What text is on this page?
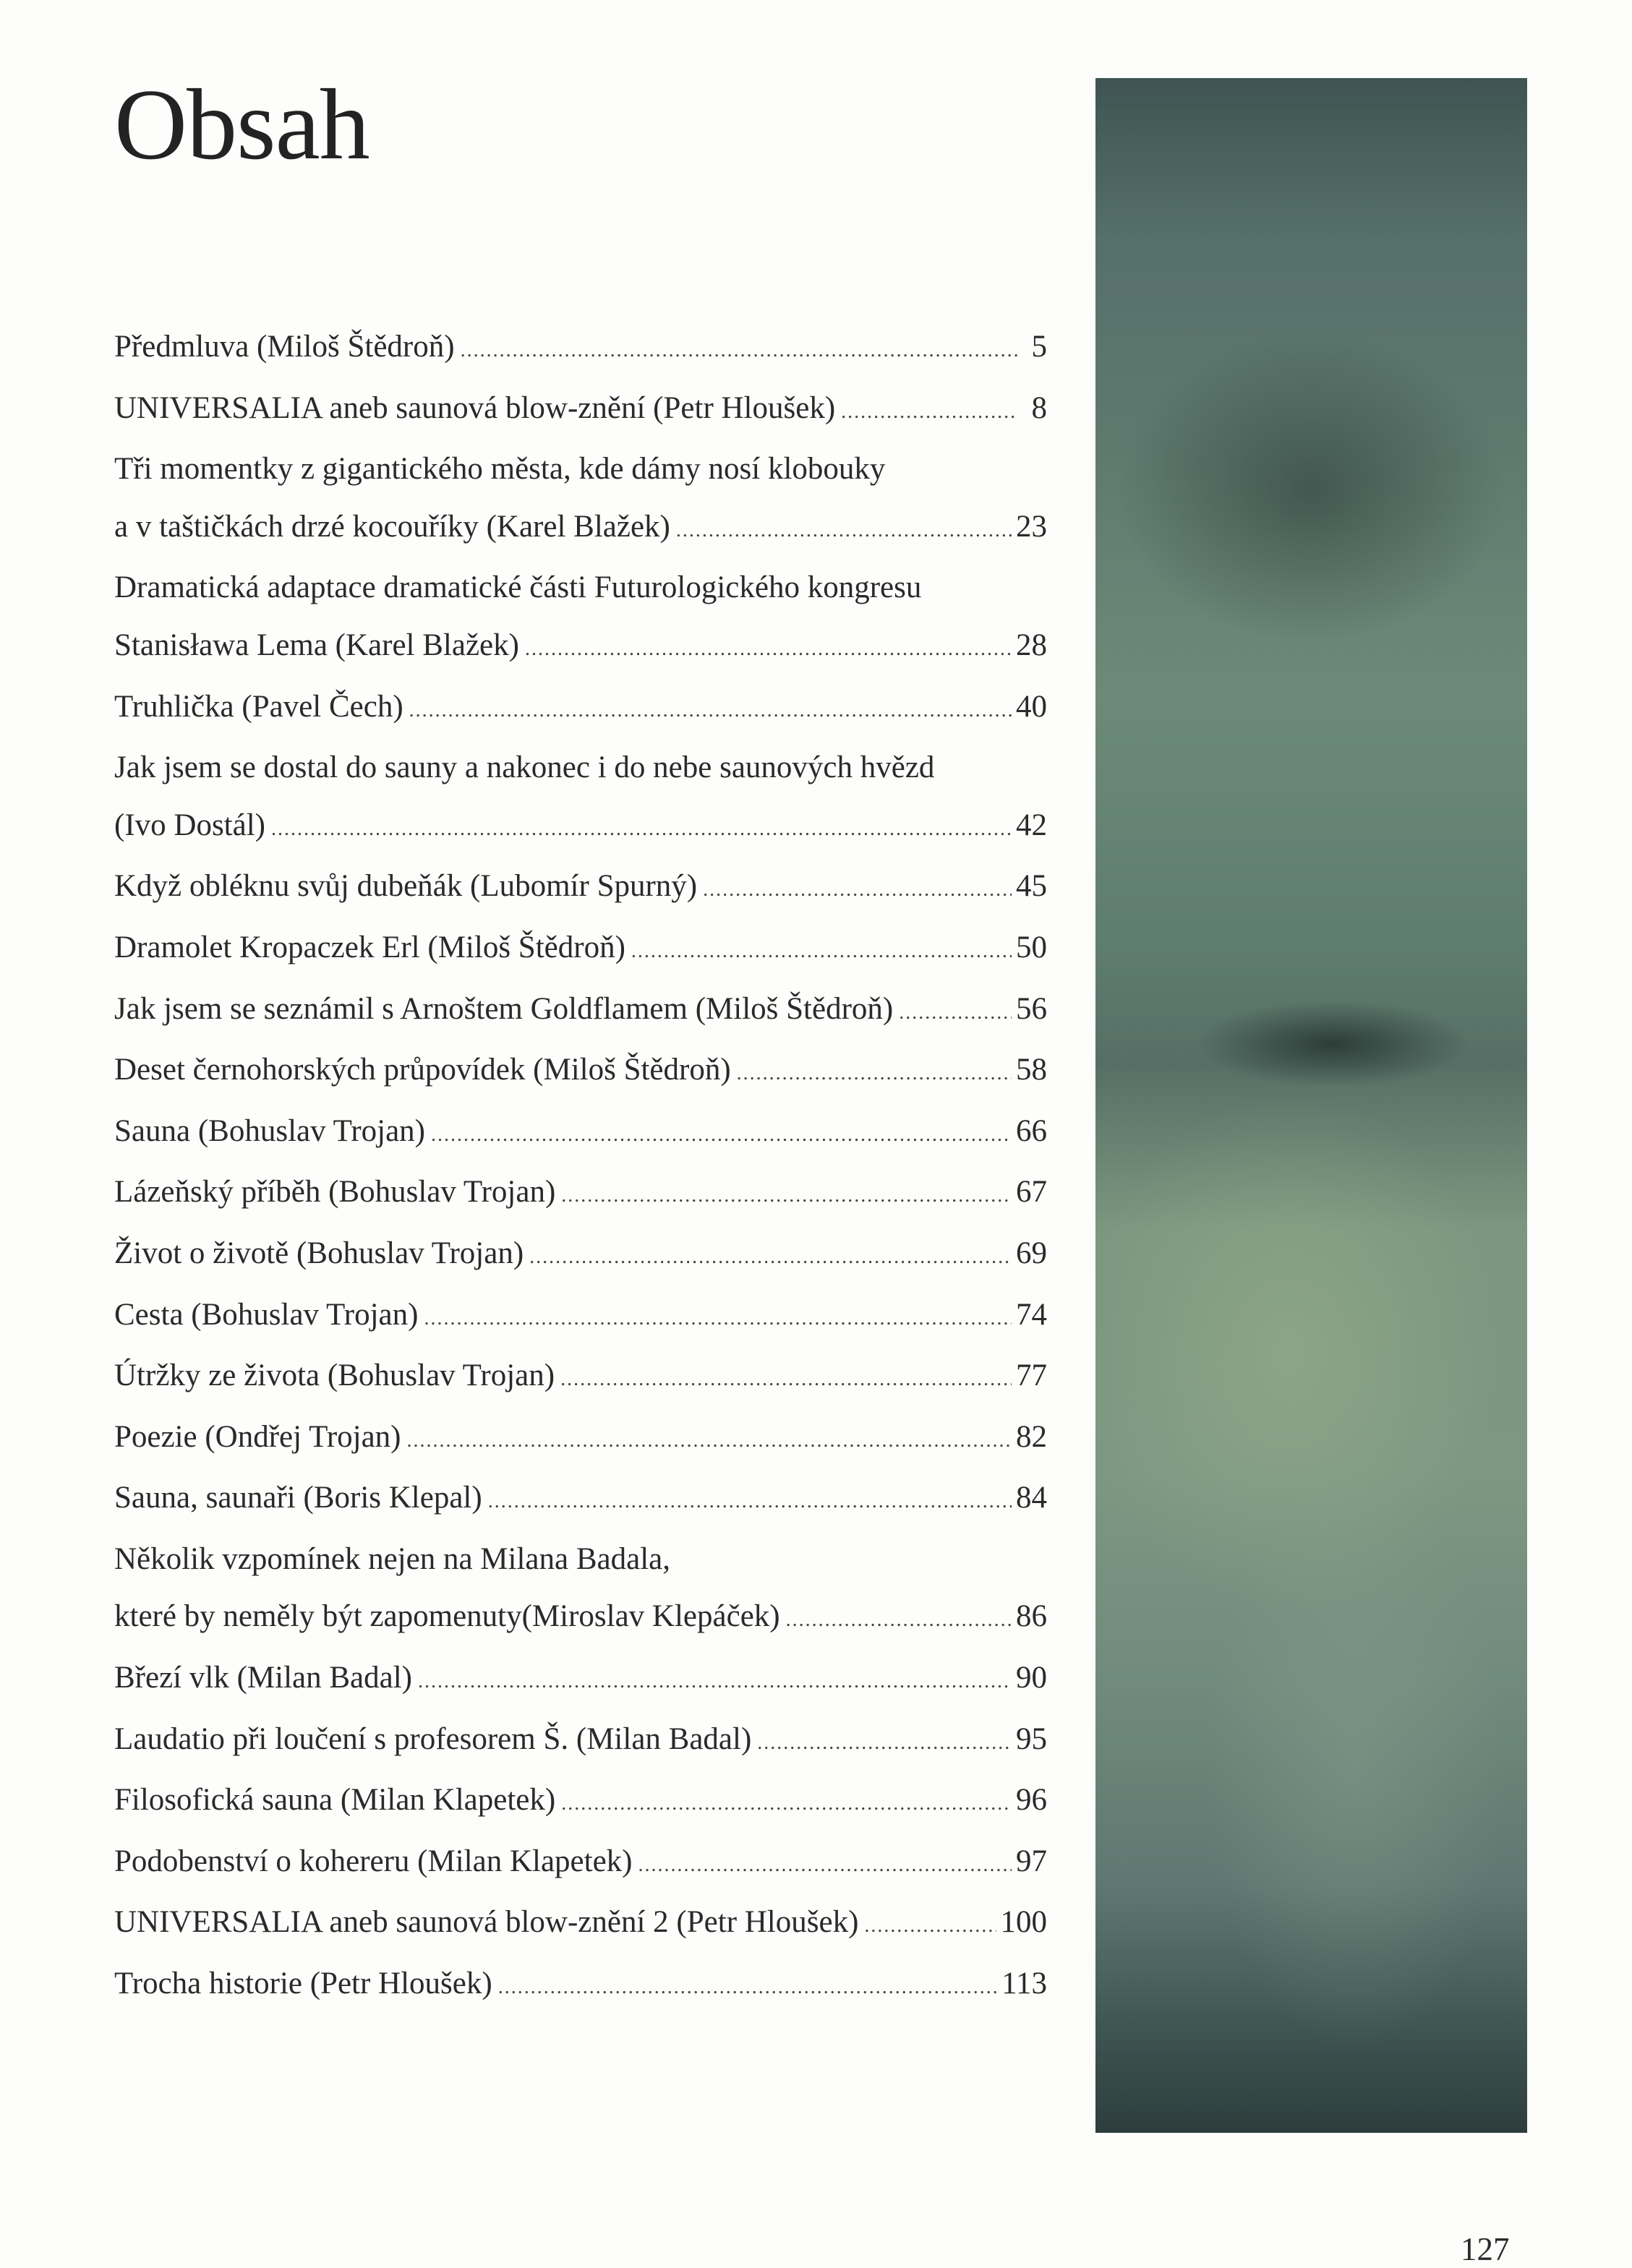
Obsah
Předmluva (Miloš Štědroň) .....	5
UNIVERSALIA aneb saunová blow-znění (Petr Hloušek) .....	8
Tři momentky z gigantického města, kde dámy nosí klobouky
a v taštičkách drzé kocouříky (Karel Blažek) .....	23
Dramatická adaptace dramatické části Futurologického kongresu
Stanisława Lema (Karel Blažek) .....	28
Truhlička (Pavel Čech) .....	40
Jak jsem se dostal do sauny a nakonec i do nebe saunových hvězd
(Ivo Dostál) .....	42
Když obléknu svůj dubeňák (Lubomír Spurný) .....	45
Dramolet Kropaczek Erl (Miloš Štědroň) .....	50
Jak jsem se seznámil s Arnoštem Goldflamem (Miloš Štědroň) .....	56
Deset černohorských průpovídek (Miloš Štědroň) .....	58
Sauna (Bohuslav Trojan) .....	66
Lázeňský příběh (Bohuslav Trojan) .....	67
Život o životě (Bohuslav Trojan) .....	69
Cesta (Bohuslav Trojan) .....	74
Útržky ze života (Bohuslav Trojan) .....	77
Poezie (Ondřej Trojan) .....	82
Sauna, saunaři (Boris Klepal) .....	84
Několik vzpomínek nejen na Milana Badala,
které by neměly být zapomenuty(Miroslav Klepáček) .....	86
Březí vlk (Milan Badal) .....	90
Laudatio při loučení s profesorem Š. (Milan Badal) .....	95
Filosofická sauna (Milan Klapetek) .....	96
Podobenství o kohereru (Milan Klapetek) .....	97
UNIVERSALIA aneb saunová blow-znění 2 (Petr Hloušek) .....	100
Trocha historie (Petr Hloušek) .....	113

127
